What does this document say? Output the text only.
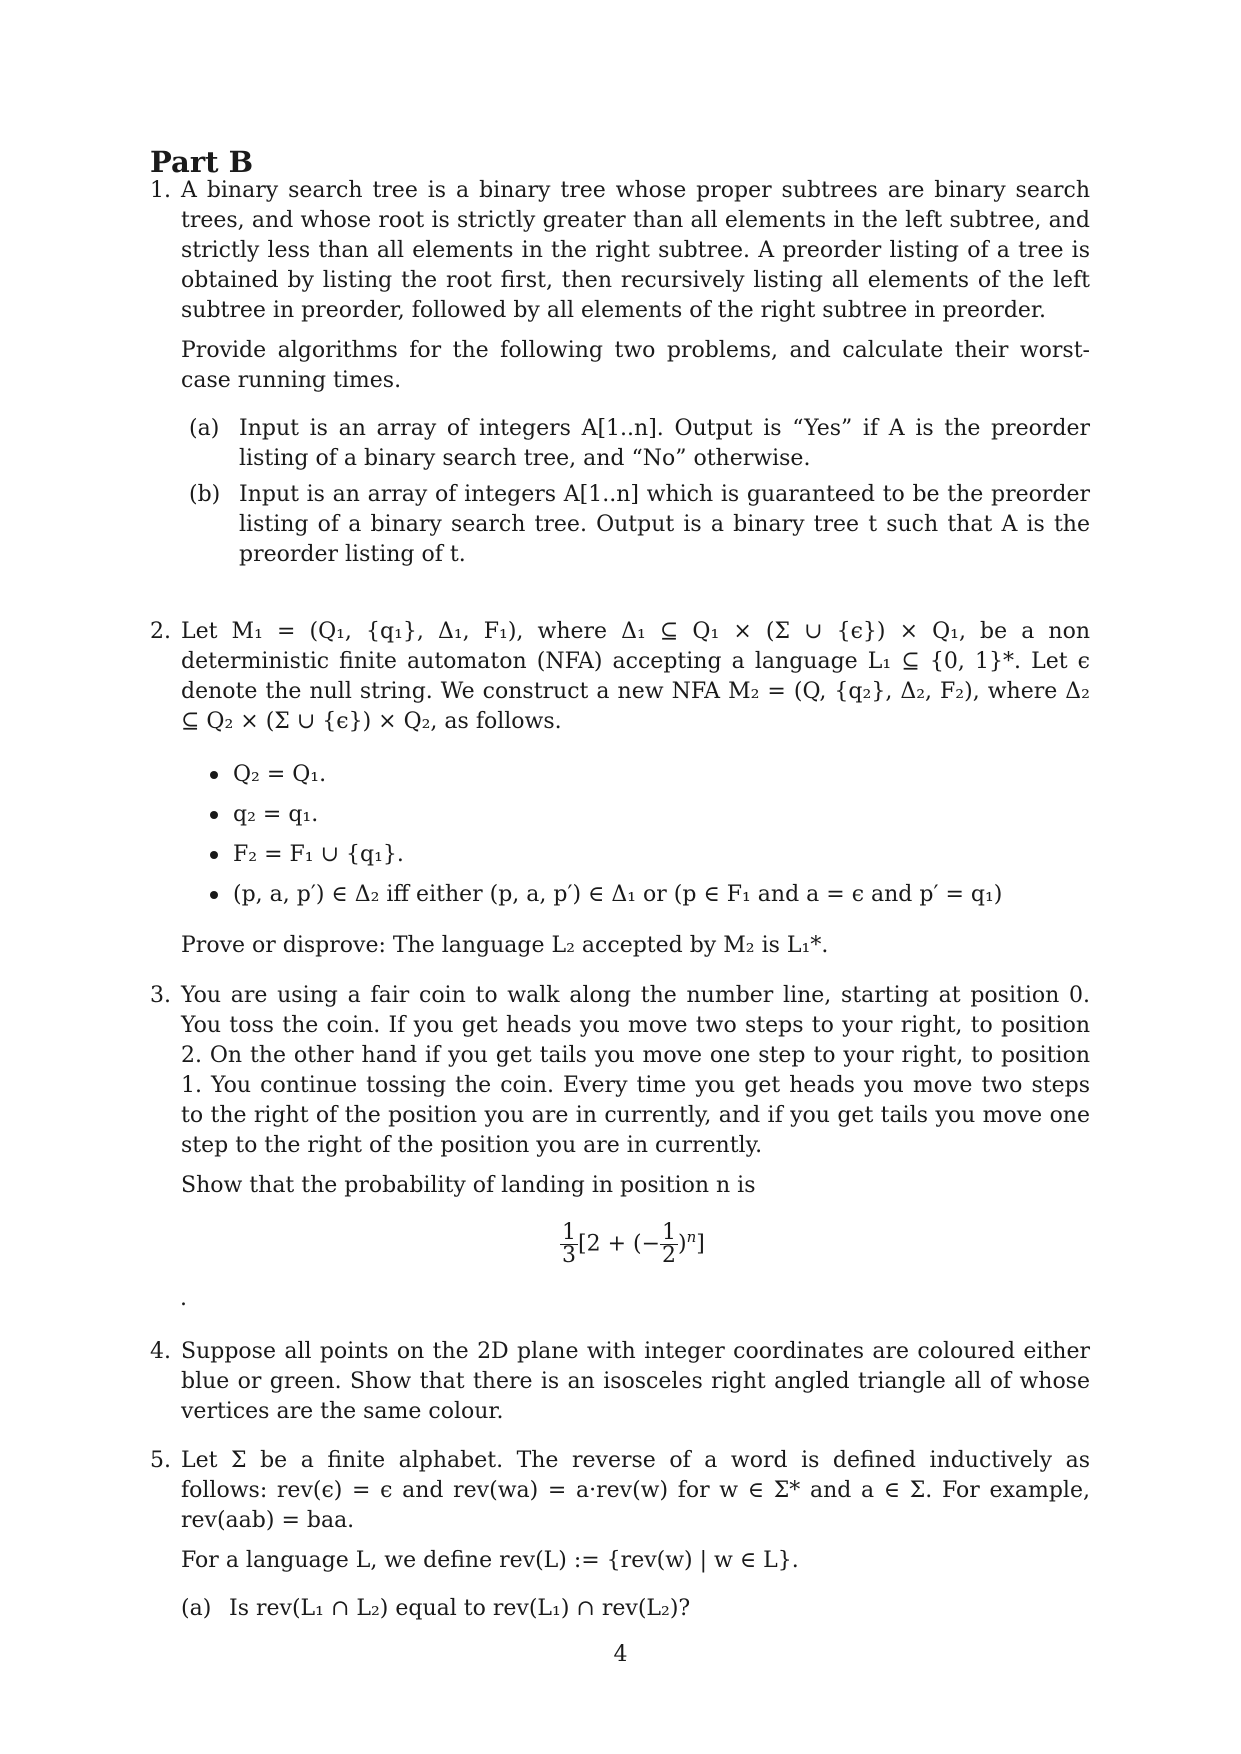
Part B
1. A binary search tree is a binary tree whose proper subtrees are binary search trees, and whose root is strictly greater than all elements in the left subtree, and strictly less than all elements in the right subtree. A preorder listing of a tree is obtained by listing the root first, then recursively listing all elements of the left subtree in preorder, followed by all elements of the right subtree in preorder.

Provide algorithms for the following two problems, and calculate their worst-case running times.

(a) Input is an array of integers A[1..n]. Output is “Yes” if A is the preorder listing of a binary search tree, and “No” otherwise.

(b) Input is an array of integers A[1..n] which is guaranteed to be the preorder listing of a binary search tree. Output is a binary tree t such that A is the preorder listing of t.

2. Let M₁ = (Q₁, {q₁}, Δ₁, F₁), where Δ₁ ⊆ Q₁ × (Σ ∪ {ϵ}) × Q₁, be a non deterministic finite automaton (NFA) accepting a language L₁ ⊆ {0, 1}*. Let ϵ denote the null string. We construct a new NFA M₂ = (Q, {q₂}, Δ₂, F₂), where Δ₂ ⊆ Q₂ × (Σ ∪ {ϵ}) × Q₂, as follows.

Q₂ = Q₁.
q₂ = q₁.
F₂ = F₁ ∪ {q₁}.
(p, a, p′) ∈ Δ₂ iff either (p, a, p′) ∈ Δ₁ or (p ∈ F₁ and a = ϵ and p′ = q₁)

Prove or disprove: The language L₂ accepted by M₂ is L₁*.

3. You are using a fair coin to walk along the number line, starting at position 0. You toss the coin. If you get heads you move two steps to your right, to position 2. On the other hand if you get tails you move one step to your right, to position 1. You continue tossing the coin. Every time you get heads you move two steps to the right of the position you are in currently, and if you get tails you move one step to the right of the position you are in currently.

Show that the probability of landing in position n is

$\frac{1}{3} [2$ + (− $\frac{1}{2} )^n$]
.
4. Suppose all points on the 2D plane with integer coordinates are coloured either blue or green. Show that there is an isosceles right angled triangle all of whose vertices are the same colour.

5. Let Σ be a finite alphabet. The reverse of a word is defined inductively as follows: rev(ϵ) = ϵ and rev(wa) = a·rev(w) for w ∈ Σ* and a ∈ Σ. For example, rev(aab) = baa.

For a language L, we define rev(L) := {rev(w) | w ∈ L}.

(a) Is rev(L₁ ∩ L₂) equal to rev(L₁) ∩ rev(L₂)?

4
